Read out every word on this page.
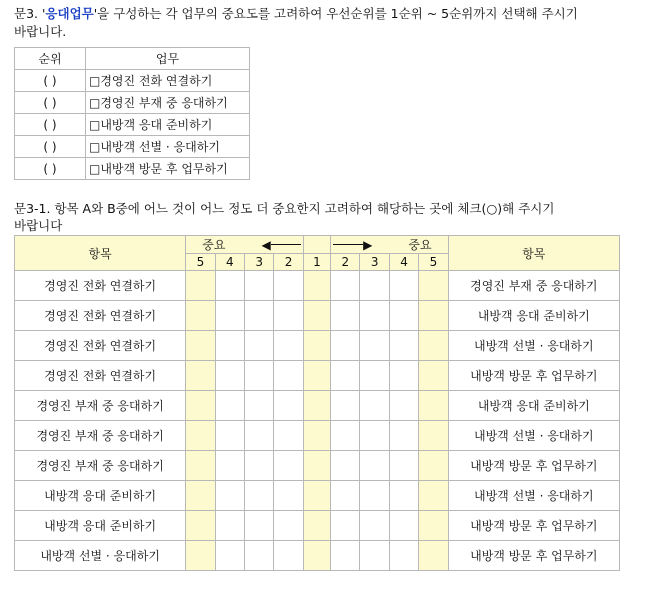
문3. '응대업무'을 구성하는 각 업무의 중요도를 고려하여 우선순위를 1순위 ~ 5순위까지 선택해 주시기
바랍니다.
순위	업무
( )	□경영진 전화 연결하기
( )	□경영진 부재 중 응대하기
( )	□내방객 응대 준비하기
( )	□내방객 선별 · 응대하기
( )	□내방객 방문 후 업무하기
문3-1. 항목 A와 B중에 어느 것이 어느 정도 더 중요한지 고려하여 해당하는 곳에 체크(○)해 주시기
바랍니다
항목	중요 ◀					▶ 중요				항목
	5	4	3	2	1	2	3	4	5	
경영진 전화 연결하기										경영진 부재 중 응대하기
경영진 전화 연결하기										내방객 응대 준비하기
경영진 전화 연결하기										내방객 선별 · 응대하기
경영진 전화 연결하기										내방객 방문 후 업무하기
경영진 부재 중 응대하기										내방객 응대 준비하기
경영진 부재 중 응대하기										내방객 선별 · 응대하기
경영진 부재 중 응대하기										내방객 방문 후 업무하기
내방객 응대 준비하기										내방객 선별 · 응대하기
내방객 응대 준비하기										내방객 방문 후 업무하기
내방객 선별 · 응대하기										내방객 방문 후 업무하기
